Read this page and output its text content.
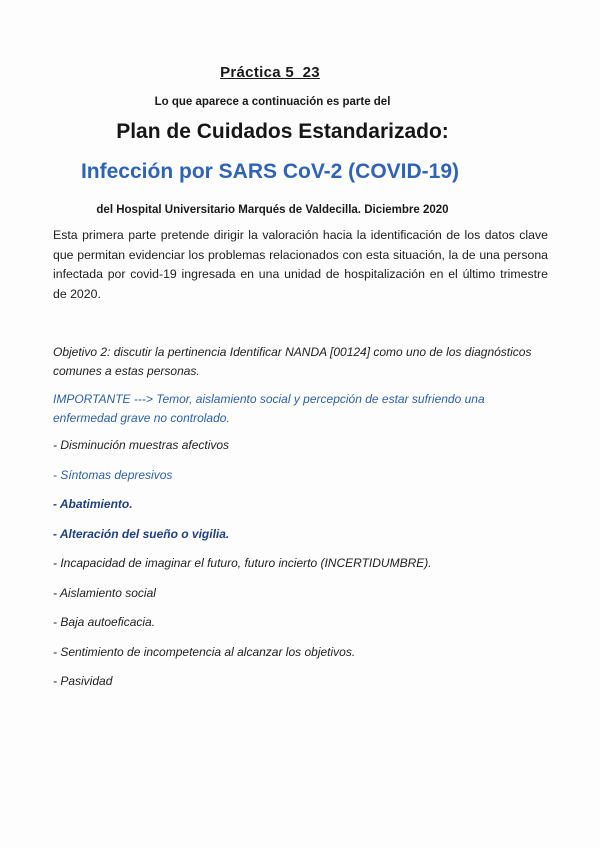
Práctica 5_23
Lo que aparece a continuación es parte del
Plan de Cuidados Estandarizado:
Infección por SARS CoV-2 (COVID-19)
del Hospital Universitario Marqués de Valdecilla. Diciembre 2020
Esta primera parte pretende dirigir la valoración hacia la identificación de los datos clave que permitan evidenciar los problemas relacionados con esta situación, la de una persona infectada por covid-19 ingresada en una unidad de hospitalización en el último trimestre de 2020.
Objetivo 2: discutir la pertinencia Identificar NANDA [00124] como uno de los diagnósticos comunes a estas personas.
IMPORTANTE ---> Temor, aislamiento social y percepción de estar sufriendo una enfermedad grave no controlado.
- Disminución muestras afectivos
- Síntomas depresivos
- Abatimiento.
- Alteración del sueño o vigilia.
- Incapacidad de imaginar el futuro, futuro incierto (INCERTIDUMBRE).
- Aislamiento social
- Baja autoeficacia.
- Sentimiento de incompetencia al alcanzar los objetivos.
- Pasividad
